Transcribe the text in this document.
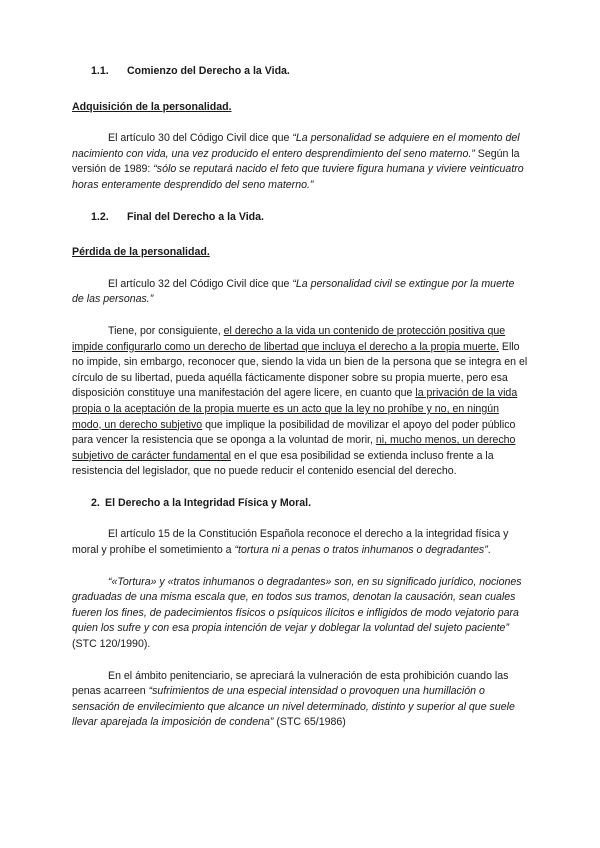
1.1. Comienzo del Derecho a la Vida.

Adquisición de la personalidad.

El artículo 30 del Código Civil dice que “La personalidad se adquiere en el momento del nacimiento con vida, una vez producido el entero desprendimiento del seno materno.” Según la versión de 1989: “sólo se reputará nacido el feto que tuviere figura humana y viviere veinticuatro horas enteramente desprendido del seno materno.”

1.2. Final del Derecho a la Vida.

Pérdida de la personalidad.

El artículo 32 del Código Civil dice que “La personalidad civil se extingue por la muerte de las personas.”

Tiene, por consiguiente, el derecho a la vida un contenido de protección positiva que impide configurarlo como un derecho de libertad que incluya el derecho a la propia muerte. Ello no impide, sin embargo, reconocer que, siendo la vida un bien de la persona que se integra en el círculo de su libertad, pueda aquélla fácticamente disponer sobre su propia muerte, pero esa disposición constituye una manifestación del agere licere, en cuanto que la privación de la vida propia o la aceptación de la propia muerte es un acto que la ley no prohíbe y no, en ningún modo, un derecho subjetivo que implique la posibilidad de movilizar el apoyo del poder público para vencer la resistencia que se oponga a la voluntad de morir, ni, mucho menos, un derecho subjetivo de carácter fundamental en el que esa posibilidad se extienda incluso frente a la resistencia del legislador, que no puede reducir el contenido esencial del derecho.

2. El Derecho a la Integridad Física y Moral.

El artículo 15 de la Constitución Española reconoce el derecho a la integridad física y moral y prohíbe el sometimiento a “tortura ni a penas o tratos inhumanos o degradantes”.

“«Tortura» y «tratos inhumanos o degradantes» son, en su significado jurídico, nociones graduadas de una misma escala que, en todos sus tramos, denotan la causación, sean cuales fueren los fines, de padecimientos físicos o psíquicos ilícitos e infligidos de modo vejatorio para quien los sufre y con esa propia intención de vejar y doblegar la voluntad del sujeto paciente” (STC 120/1990).

En el ámbito penitenciario, se apreciará la vulneración de esta prohibición cuando las penas acarreen “sufrimientos de una especial intensidad o provoquen una humillación o sensación de envilecimiento que alcance un nivel determinado, distinto y superior al que suele llevar aparejada la imposición de condena” (STC 65/1986)
